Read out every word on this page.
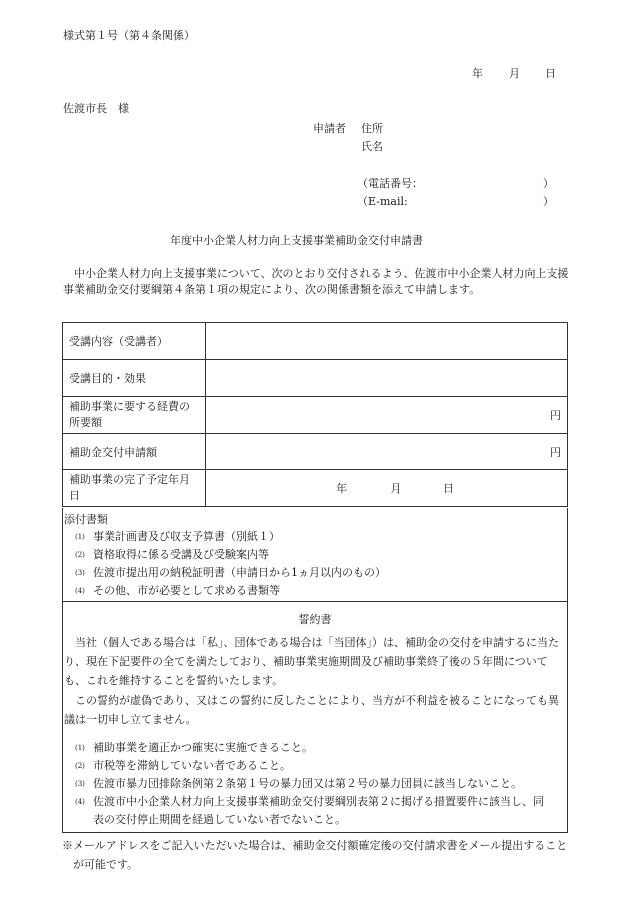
様式第１号（第４条関係）
年 月 日
佐渡市長　様
申請者 住所
氏名
（電話番号：	）
（E-mail:	）
年度中小企業人材力向上支援事業補助金交付申請書
中小企業人材力向上支援事業について、次のとおり交付されるよう、佐渡市中小企業人材力向上支援事業補助金交付要綱第４条第１項の規定により、次の関係書類を添えて申請します。
受講内容（受講者）	
受講目的・効果	
補助事業に要する経費の所要額	円

補助金交付申請額	円

補助事業の完了予定年月日	年 月 日
添付書類
(1) 事業計画書及び収支予算書（別紙１）
(2) 資格取得に係る受講及び受験案内等
(3) 佐渡市提出用の納税証明書（申請日から1ヵ月以内のもの）
(4) その他、市が必要として求める書類等
誓約書
当社（個人である場合は「私」、団体である場合は「当団体」）は、補助金の交付を申請するに当たり、現在下記要件の全てを満たしており、補助事業実施期間及び補助事業終了後の５年間についても、これを維持することを誓約いたします。
この誓約が虚偽であり、又はこの誓約に反したことにより、当方が不利益を被ることになっても異議は一切申し立てません。
(1) 補助事業を適正かつ確実に実施できること。
(2) 市税等を滞納していない者であること。
(3) 佐渡市暴力団排除条例第２条第１号の暴力団又は第２号の暴力団員に該当しないこと。
(4) 佐渡市中小企業人材力向上支援事業補助金交付要綱別表第２に掲げる措置要件に該当し、同表の交付停止期間を経過していない者でないこと。
※メールアドレスをご記入いただいた場合は、補助金交付額確定後の交付請求書をメール提出することが可能です。
